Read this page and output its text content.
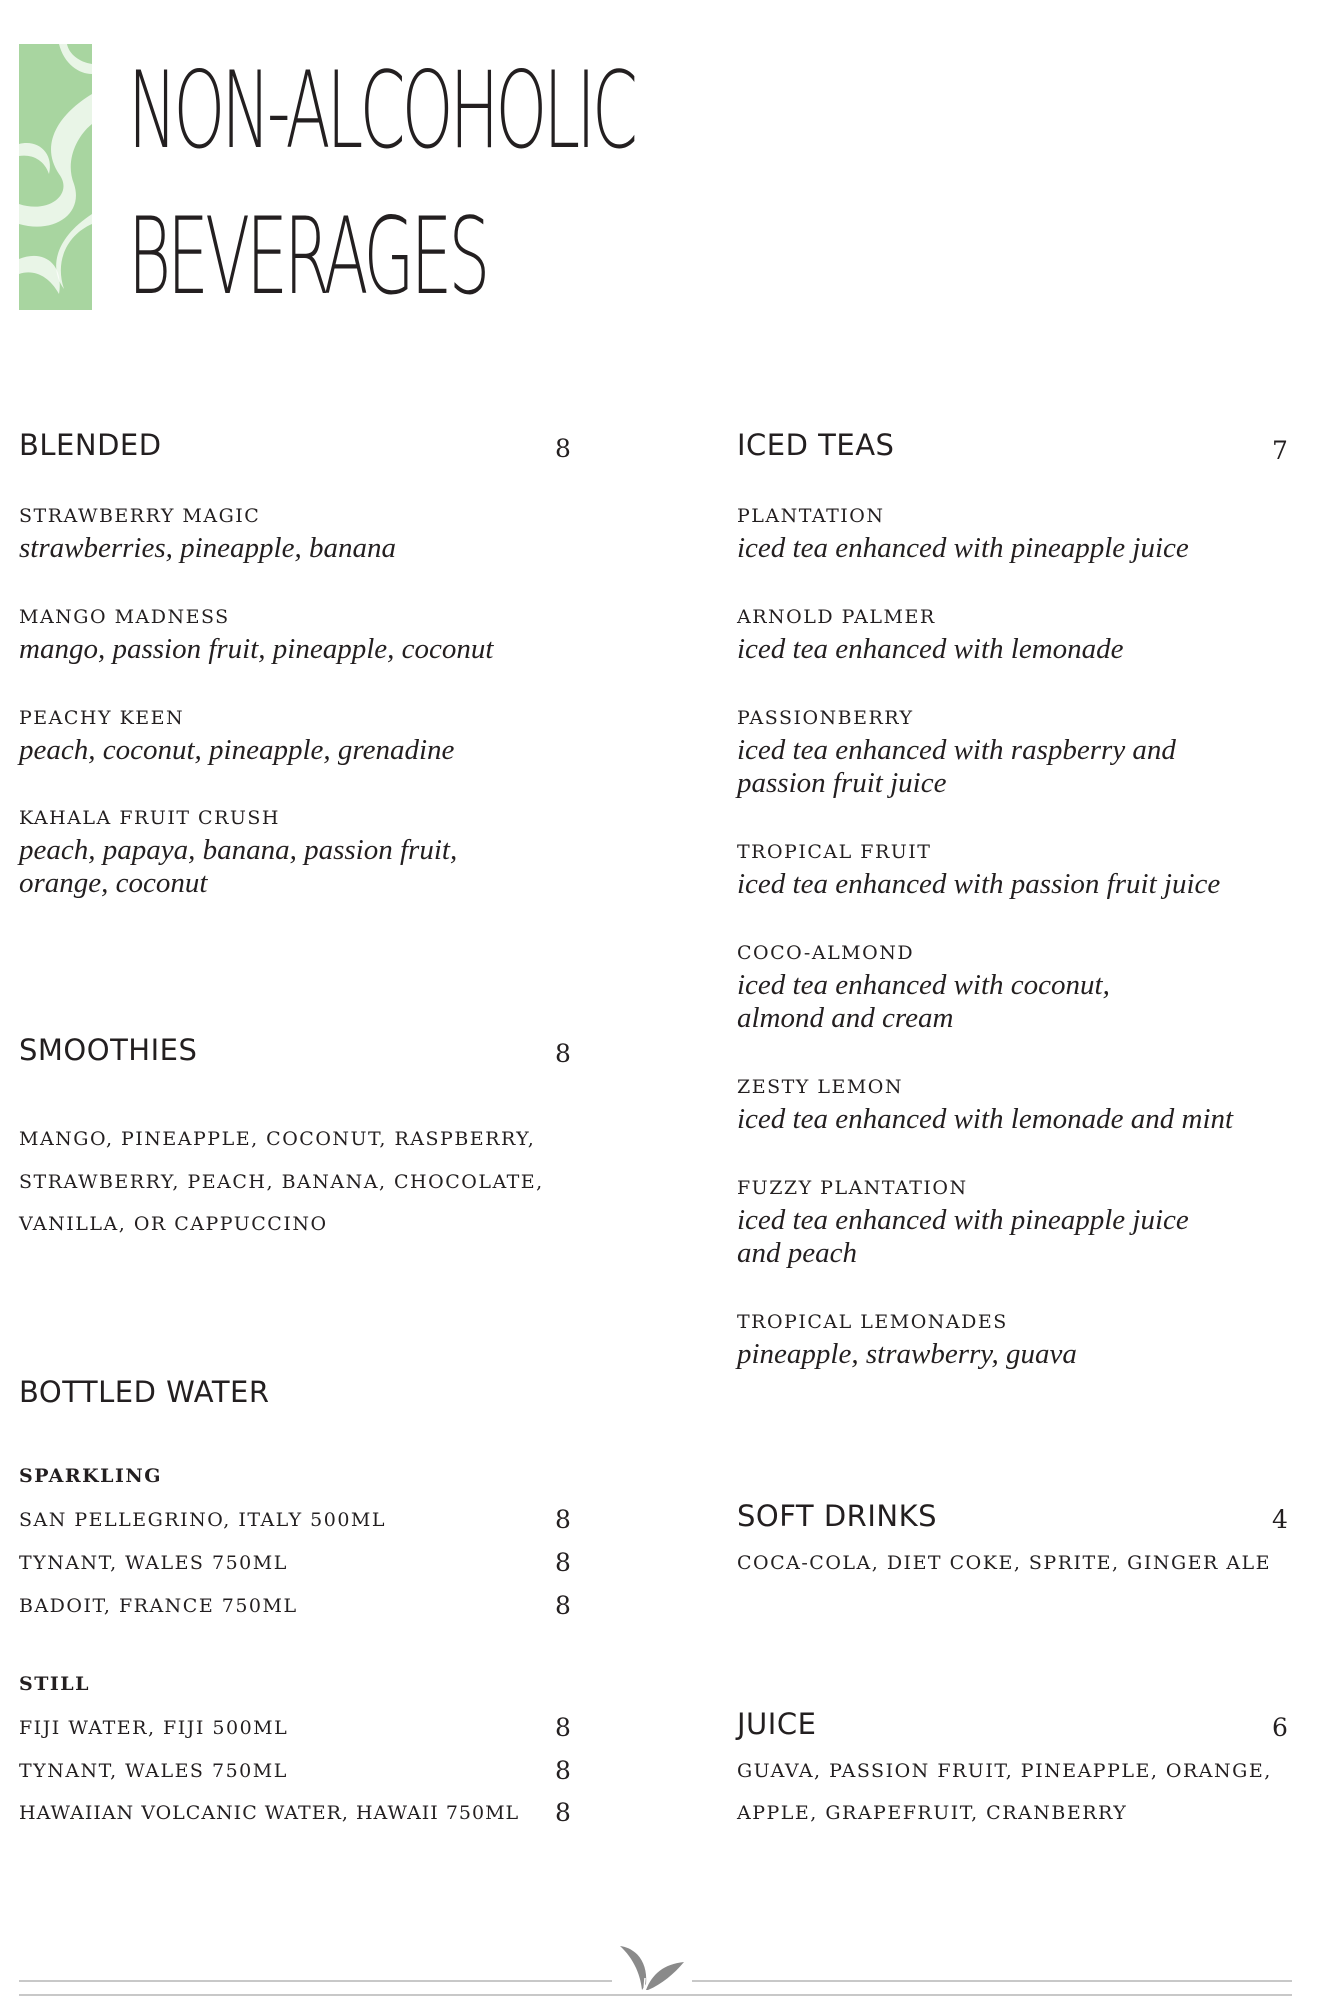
NON-ALCOHOLIC
BEVERAGES
BLENDED	8
STRAWBERRY MAGIC
strawberries, pineapple, banana
MANGO MADNESS
mango, passion fruit, pineapple, coconut
PEACHY KEEN
peach, coconut, pineapple, grenadine
KAHALA FRUIT CRUSH
peach, papaya, banana, passion fruit,
orange, coconut
SMOOTHIES	8
MANGO, PINEAPPLE, COCONUT, RASPBERRY,
STRAWBERRY, PEACH, BANANA, CHOCOLATE,
VANILLA, OR CAPPUCCINO
BOTTLED WATER
SPARKLING
SAN PELLEGRINO, ITALY 500ML	8
TYNANT, WALES 750ML	8
BADOIT, FRANCE 750ML	8
STILL
FIJI WATER, FIJI 500ML	8
TYNANT, WALES 750ML	8
HAWAIIAN VOLCANIC WATER, HAWAII 750ML 8
ICED TEAS	7
PLANTATION
iced tea enhanced with pineapple juice
ARNOLD PALMER
iced tea enhanced with lemonade
PASSIONBERRY
iced tea enhanced with raspberry and
passion fruit juice
TROPICAL FRUIT
iced tea enhanced with passion fruit juice
COCO-ALMOND
iced tea enhanced with coconut,
almond and cream
ZESTY LEMON
iced tea enhanced with lemonade and mint
FUZZY PLANTATION
iced tea enhanced with pineapple juice
and peach
TROPICAL LEMONADES
pineapple, strawberry, guava
SOFT DRINKS	4
COCA-COLA, DIET COKE, SPRITE, GINGER ALE
JUICE	6
GUAVA, PASSION FRUIT, PINEAPPLE, ORANGE,
APPLE, GRAPEFRUIT, CRANBERRY
